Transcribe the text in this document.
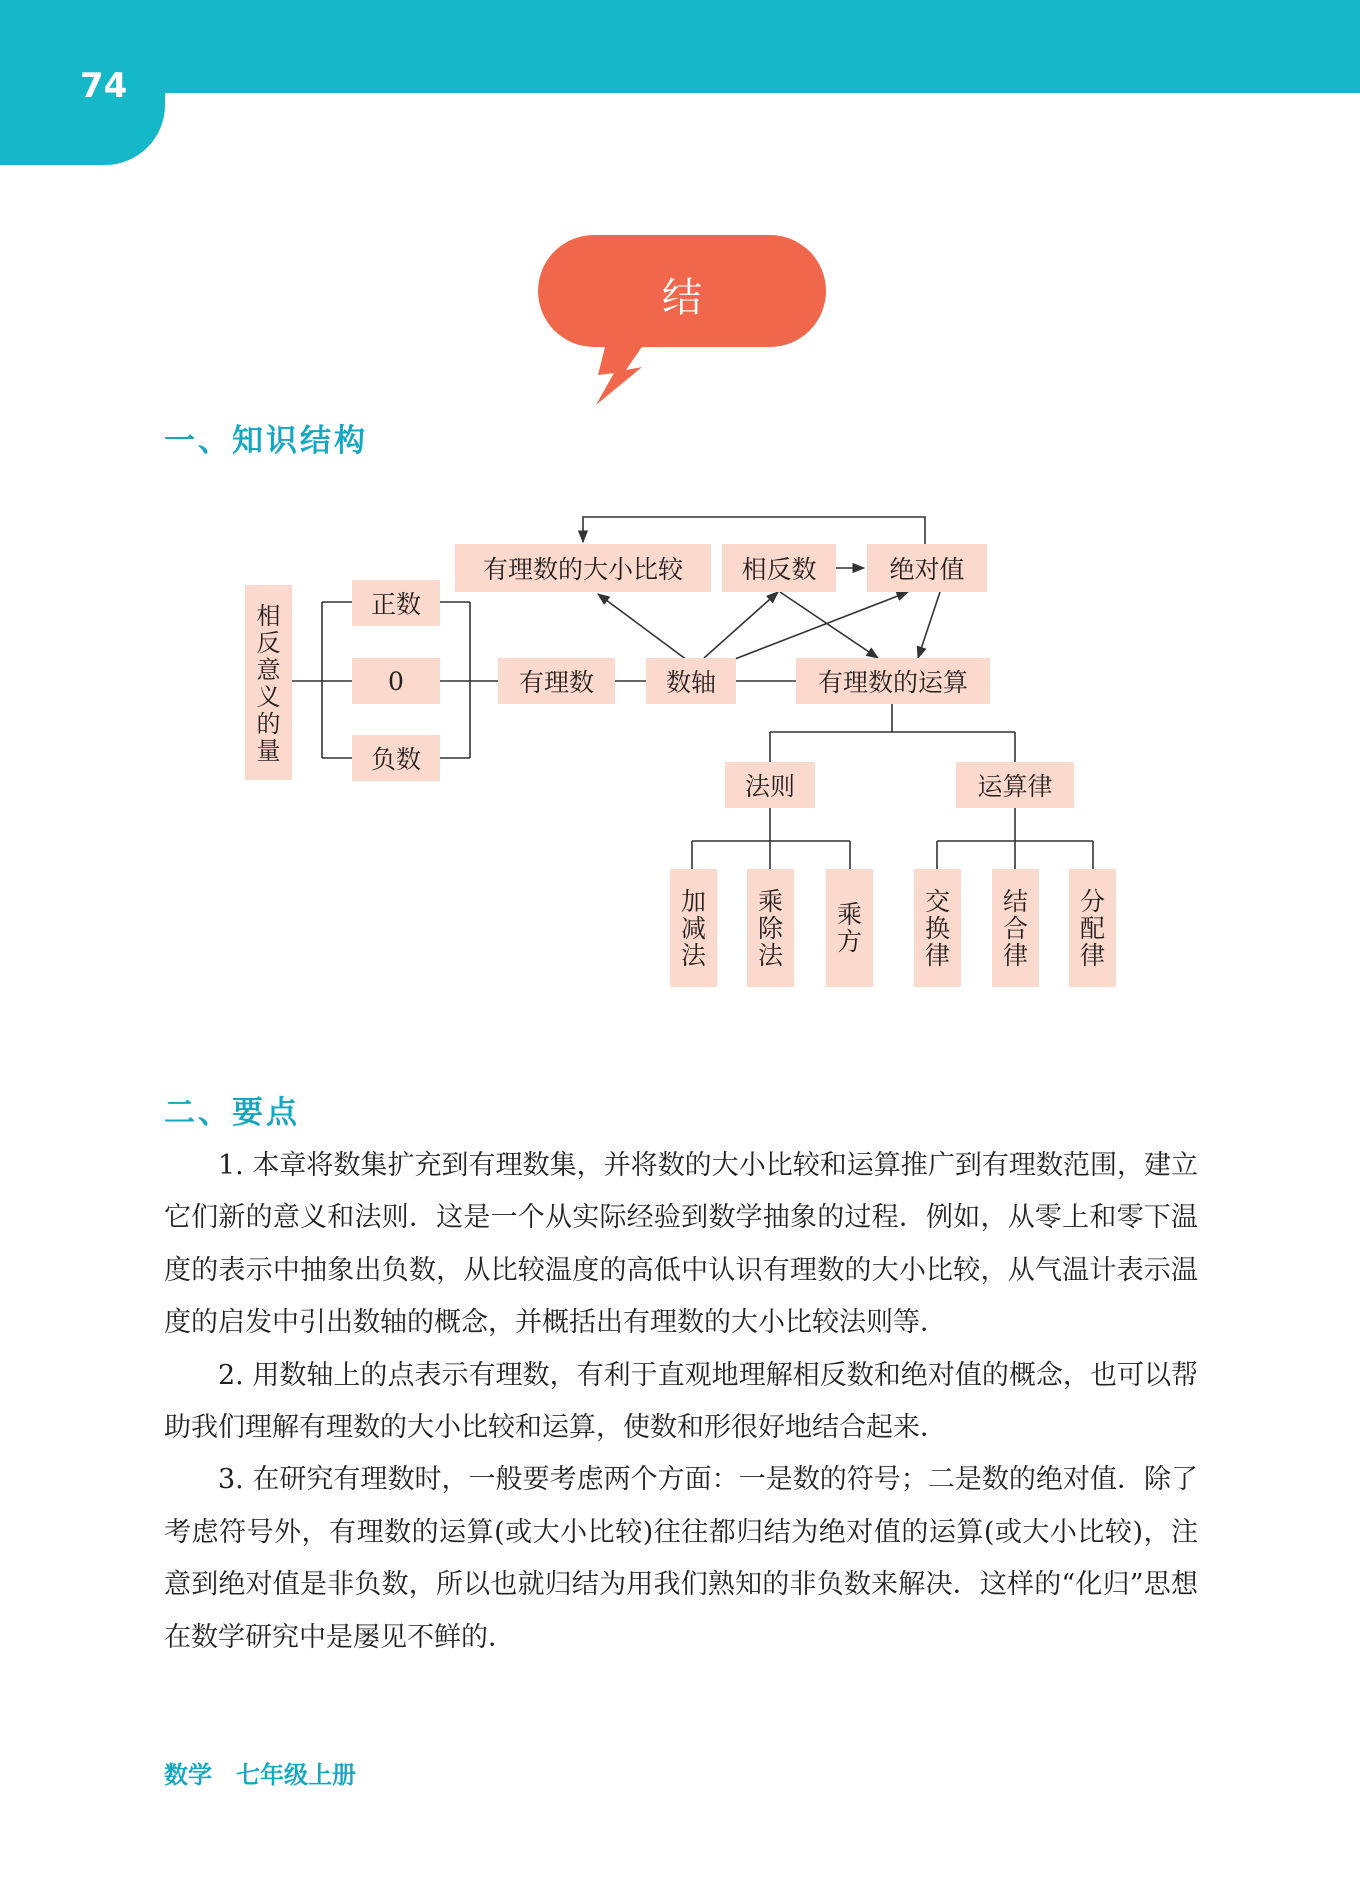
74
结
一、知识结构
相
反
意
义
的
量
正数
0
负数
有理数	数轴
有理数的大小比较	相反数	绝对值
有理数的运算
法则	运算律
加
减
法
乘
除
法
乘
方
交
换
律
结
合
律
分
配
律
二、要点

1. 本章将数集扩充到有理数集，并将数的大小比较和运算推广到有理数范围，建立它们新的意义和法则．这是一个从实际经验到数学抽象的过程．例如，从零上和零下温度的表示中抽象出负数，从比较温度的高低中认识有理数的大小比较，从气温计表示温度的启发中引出数轴的概念，并概括出有理数的大小比较法则等．

2. 用数轴上的点表示有理数，有利于直观地理解相反数和绝对值的概念，也可以帮助我们理解有理数的大小比较和运算，使数和形很好地结合起来．

3. 在研究有理数时，一般要考虑两个方面：一是数的符号；二是数的绝对值．除了考虑符号外，有理数的运算(或大小比较)往往都归结为绝对值的运算(或大小比较)，注意到绝对值是非负数，所以也就归结为用我们熟知的非负数来解决．这样的“化归”思想在数学研究中是屡见不鲜的．

数学　七年级上册
